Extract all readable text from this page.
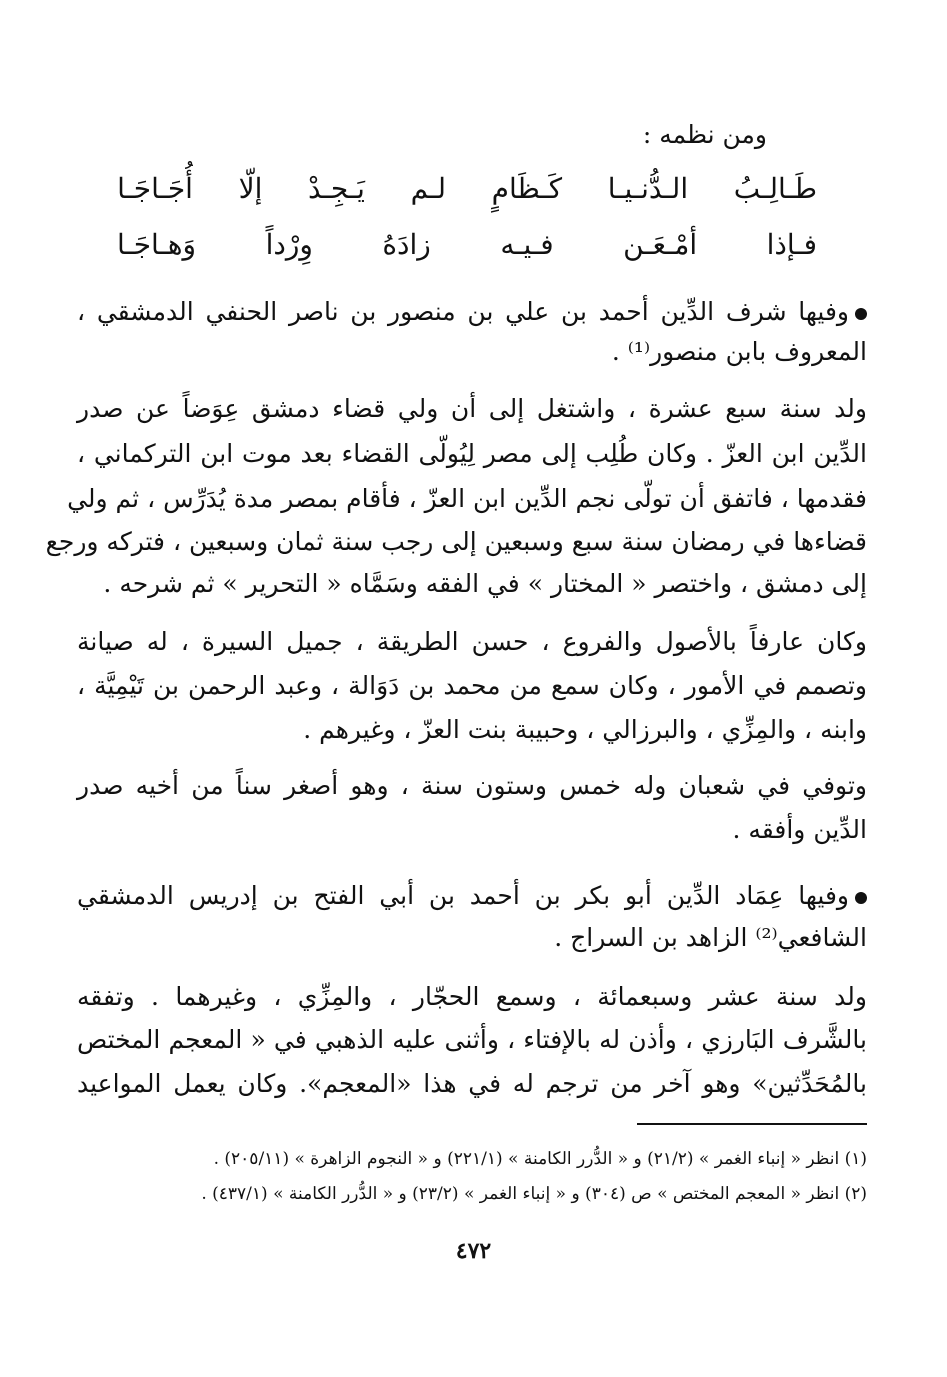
ومن نظمه :
طَـالِـبُ
الـدُّنـيـا
كَـظَامٍ
لـم
يَـجِـدْ
إلّا
أُجَـاجَـا
فـإذا
أمْـعَـن
فـيـه
زادَهُ
وِرْداً
وَهـاجَـا
وفيها شرف الدِّين أحمد بن علي بن منصور بن ناصر الحنفي الدمشقي ،
المعروف بابن منصور⁽¹⁾ .
ولد سنة سبع عشرة ، واشتغل إلى أن ولي قضاء دمشق عِوَضاً عن صدر
الدِّين ابن العزّ . وكان طُلِب إلى مصر لِيُولّى القضاء بعد موت ابن التركماني ،
فقدمها ، فاتفق أن تولّى نجم الدِّين ابن العزّ ، فأقام بمصر مدة يُدَرِّس ، ثم ولي
قضاءها في رمضان سنة سبع وسبعين إلى رجب سنة ثمان وسبعين ، فتركه ورجع
إلى دمشق ، واختصر « المختار » في الفقه وسَمَّاه « التحرير » ثم شرحه .
وكان عارفاً بالأصول والفروع ، حسن الطريقة ، جميل السيرة ، له صيانة
وتصمم في الأمور ، وكان سمع من محمد بن دَوَالة ، وعبد الرحمن بن تَيْمِيَّة ،
وابنه ، والمِزِّي ، والبرزالي ، وحبيبة بنت العزّ ، وغيرهم .
وتوفي في شعبان وله خمس وستون سنة ، وهو أصغر سناً من أخيه صدر
الدِّين وأفقه .
وفيها عِمَاد الدِّين أبو بكر بن أحمد بن أبي الفتح بن إدريس الدمشقي
الشافعي⁽²⁾ الزاهد بن السراج .
ولد سنة عشر وسبعمائة ، وسمع الحجّار ، والمِزِّي ، وغيرهما . وتفقه
بالشَّرف البَارزي ، وأذن له بالإفتاء ، وأثنى عليه الذهبي في « المعجم المختص
بالمُحَدِّثين» وهو آخر من ترجم له في هذا «المعجم». وكان يعمل المواعيد
(١) انظر « إنباء الغمر » (٢١/٢) و « الدُّرر الكامنة » (٢٢١/١) و « النجوم الزاهرة » (٢٠٥/١١) .
(٢) انظر « المعجم المختص » ص (٣٠٤) و « إنباء الغمر » (٢٣/٢) و « الدُّرر الكامنة » (٤٣٧/١) .
٤٧٢
